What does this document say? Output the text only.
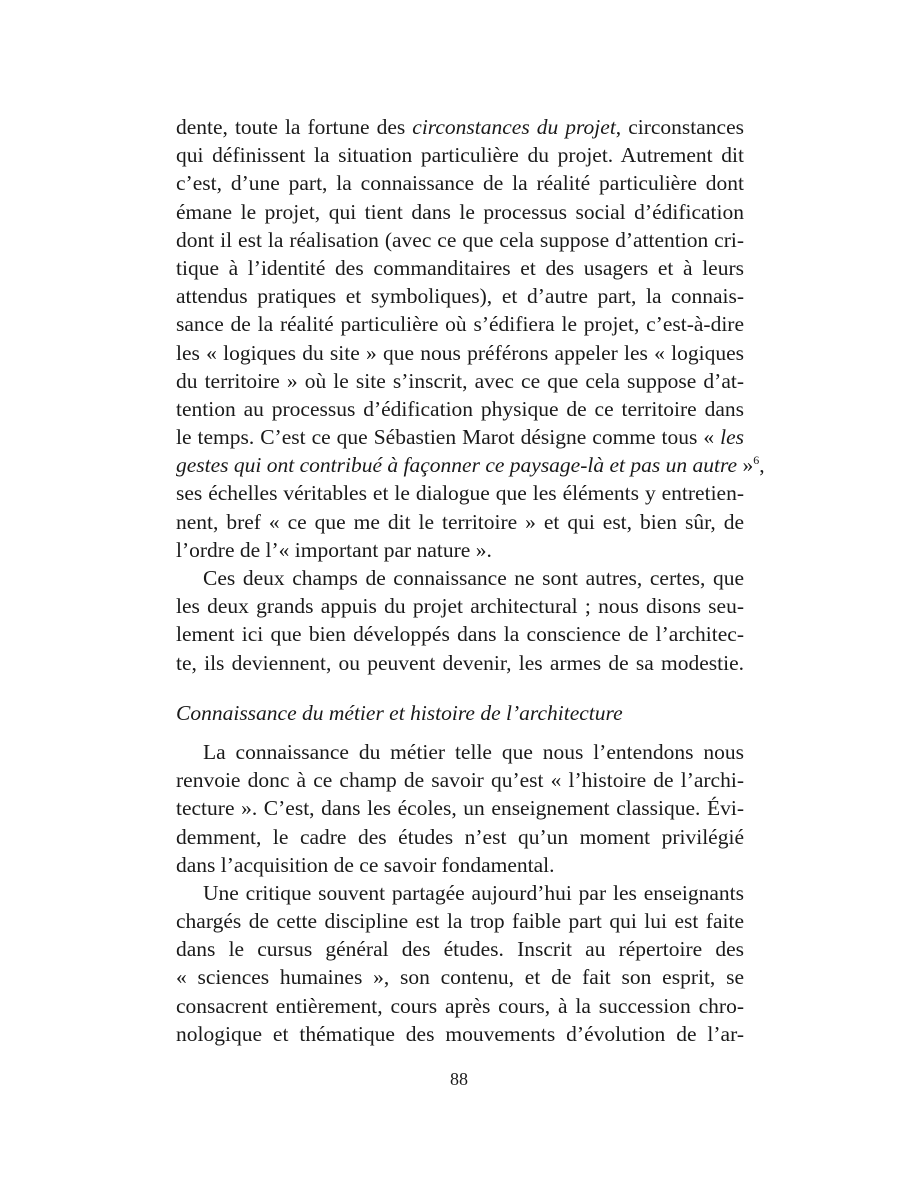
dente, toute la fortune des circonstances du projet, circonstances
qui définissent la situation particulière du projet. Autrement dit
c’est, d’une part, la connaissance de la réalité particulière dont
émane le projet, qui tient dans le processus social d’édification
dont il est la réalisation (avec ce que cela suppose d’attention cri-
tique à l’identité des commanditaires et des usagers et à leurs
attendus pratiques et symboliques), et d’autre part, la connais-
sance de la réalité particulière où s’édifiera le projet, c’est-à-dire
les « logiques du site » que nous préférons appeler les « logiques
du territoire » où le site s’inscrit, avec ce que cela suppose d’at-
tention au processus d’édification physique de ce territoire dans
le temps. C’est ce que Sébastien Marot désigne comme tous « les
gestes qui ont contribué à façonner ce paysage-là et pas un autre »$^6$,
ses échelles véritables et le dialogue que les éléments y entretien-
nent, bref « ce que me dit le territoire » et qui est, bien sûr, de
l’ordre de l’« important par nature ».
Ces deux champs de connaissance ne sont autres, certes, que
les deux grands appuis du projet architectural ; nous disons seu-
lement ici que bien développés dans la conscience de l’architec-
te, ils deviennent, ou peuvent devenir, les armes de sa modestie.
Connaissance du métier et histoire de l’architecture
La connaissance du métier telle que nous l’entendons nous
renvoie donc à ce champ de savoir qu’est « l’histoire de l’archi-
tecture ». C’est, dans les écoles, un enseignement classique. Évi-
demment, le cadre des études n’est qu’un moment privilégié
dans l’acquisition de ce savoir fondamental.
Une critique souvent partagée aujourd’hui par les enseignants
chargés de cette discipline est la trop faible part qui lui est faite
dans le cursus général des études. Inscrit au répertoire des
« sciences humaines », son contenu, et de fait son esprit, se
consacrent entièrement, cours après cours, à la succession chro-
nologique et thématique des mouvements d’évolution de l’ar-
88
